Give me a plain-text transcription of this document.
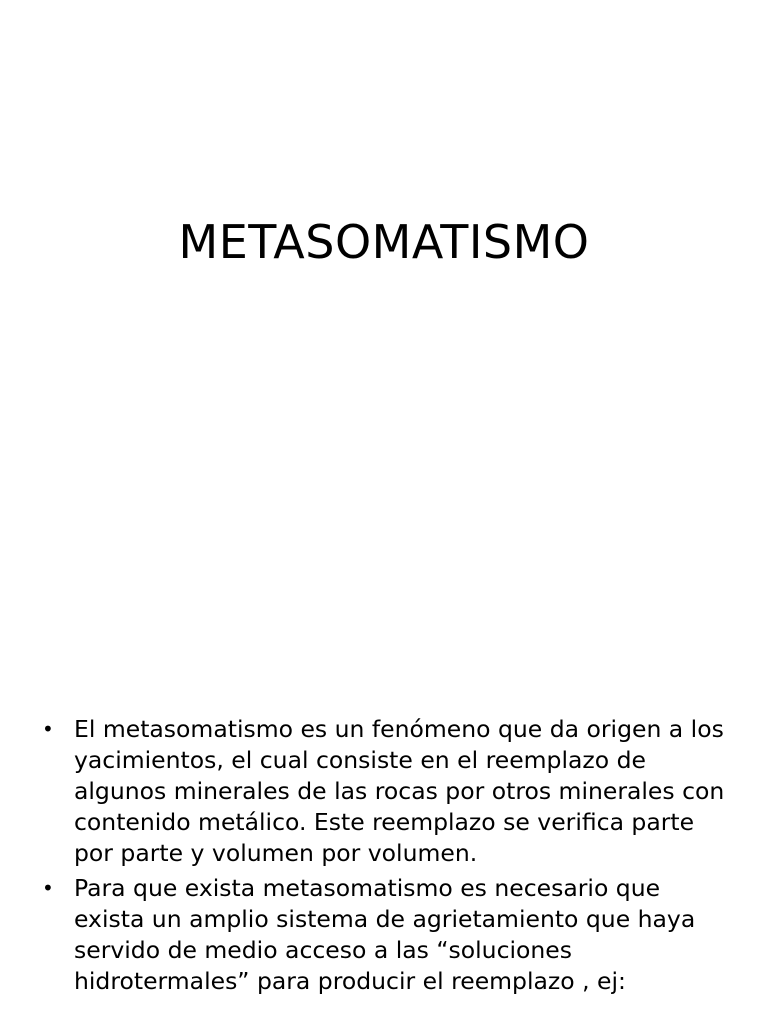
METASOMATISMO
• El metasomatismo es un fenómeno que da origen a los yacimientos, el cual consiste en el reemplazo de algunos minerales de las rocas por otros minerales con contenido metálico. Este reemplazo se verifica parte por parte y volumen por volumen.
• Para que exista metasomatismo es necesario que exista un amplio sistema de agrietamiento que haya servido de medio acceso a las “soluciones hidrotermales” para producir el reemplazo , ej:
